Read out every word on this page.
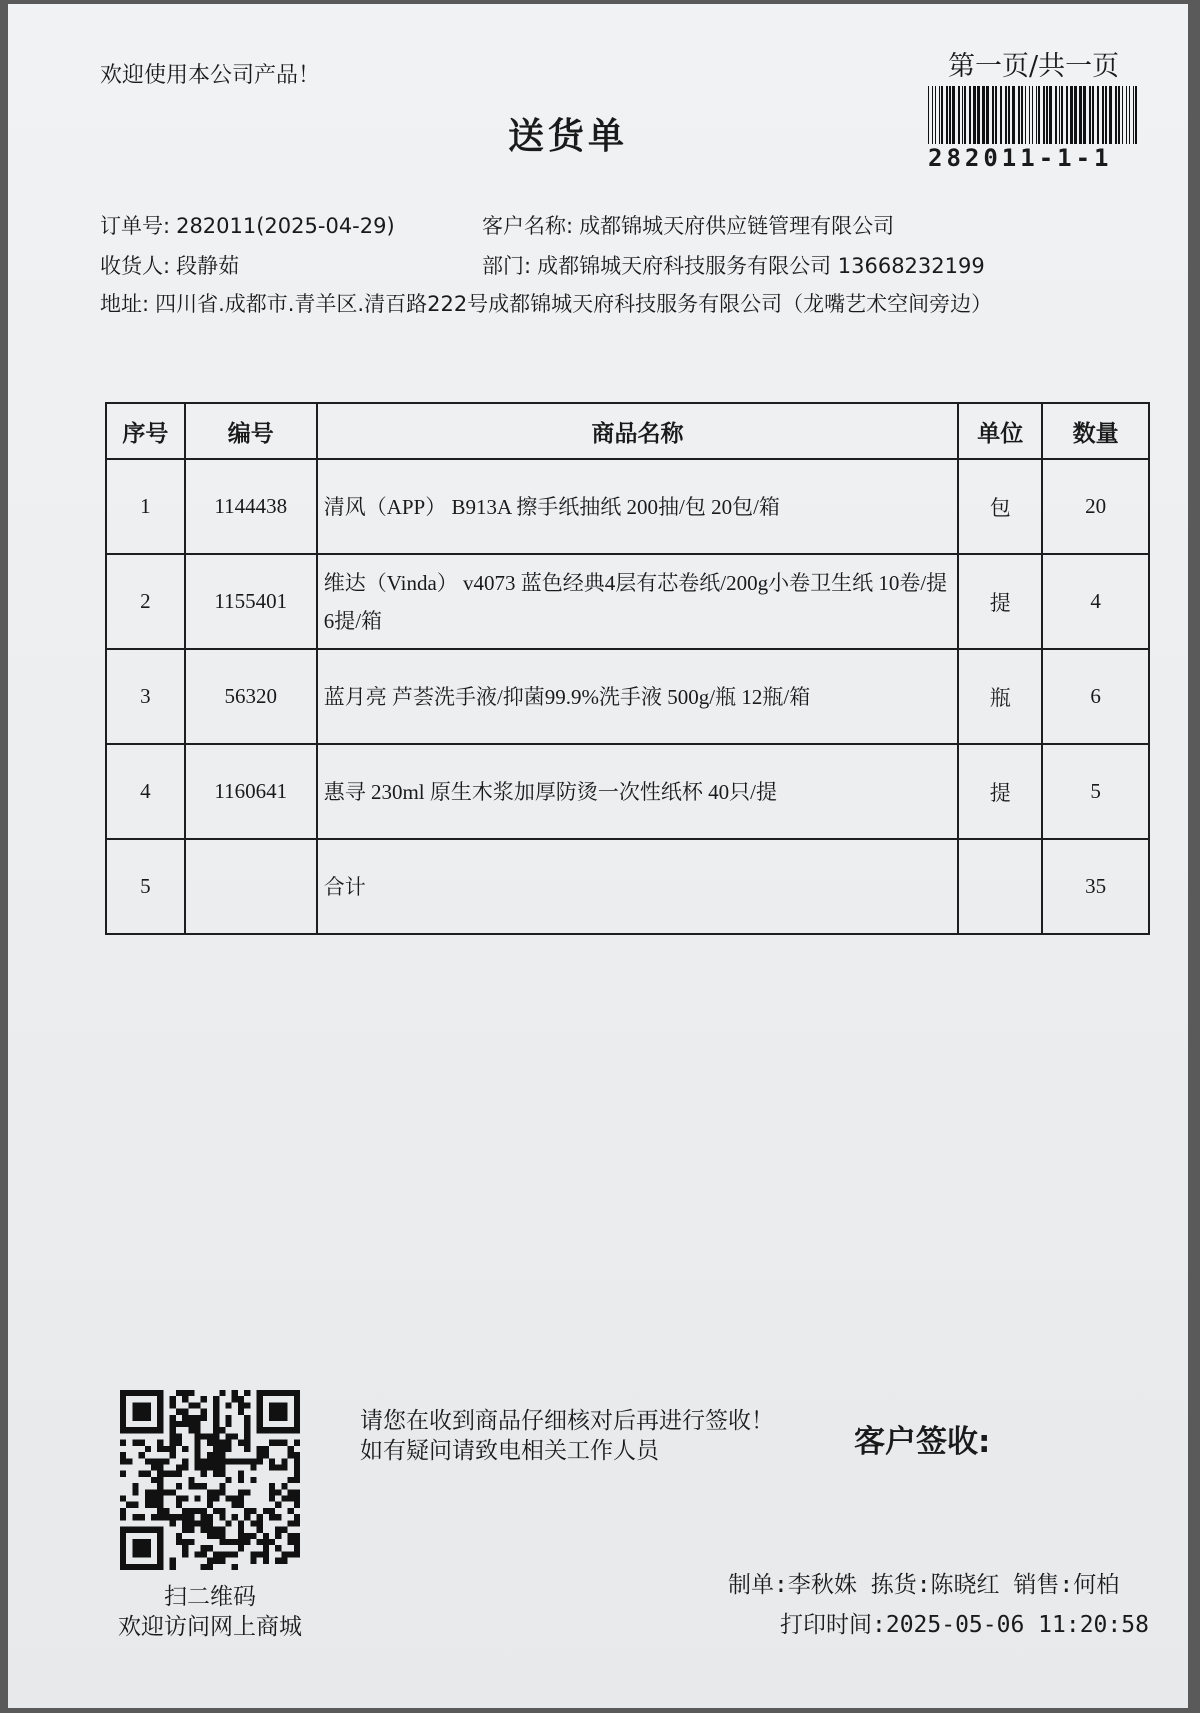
欢迎使用本公司产品！
送货单
第一页/共一页
282011-1-1
订单号: 282011(2025-04-29)	客户名称: 成都锦城天府供应链管理有限公司
收货人: 段静茹	部门: 成都锦城天府科技服务有限公司 13668232199
地址: 四川省.成都市.青羊区.清百路222号成都锦城天府科技服务有限公司（龙嘴艺术空间旁边）
序号	编号	商品名称	单位	数量
1	1144438	清风（APP） B913A 擦手纸抽纸 200抽/包 20包/箱	包	20
2	1155401	维达（Vinda） v4073 蓝色经典4层有芯卷纸/200g小卷卫生纸 10卷/提 6提/箱	提	4
3	56320	蓝月亮 芦荟洗手液/抑菌99.9%洗手液 500g/瓶 12瓶/箱	瓶	6
4	1160641	惠寻 230ml 原生木浆加厚防烫一次性纸杯 40只/提	提	5
5		合计		35
扫二维码
欢迎访问网上商城
请您在收到商品仔细核对后再进行签收！如有疑问请致电相关工作人员	客户签收:
制单:李秋姝 拣货:陈晓红 销售:何柏
打印时间:2025-05-06 11:20:58
